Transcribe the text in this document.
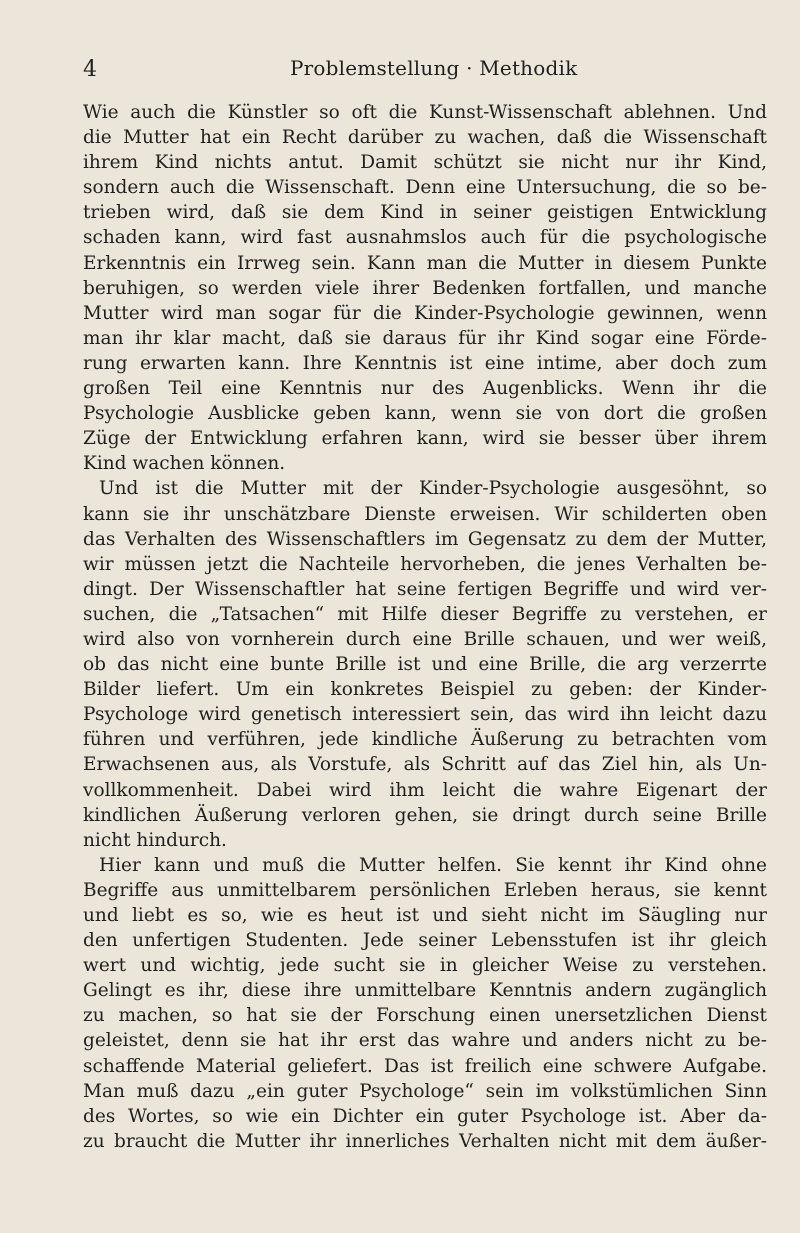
4	Problemstellung · Methodik
Wie auch die Künstler so oft die Kunst-Wissenschaft ablehnen. Und
die Mutter hat ein Recht darüber zu wachen, daß die Wissenschaft
ihrem Kind nichts antut. Damit schützt sie nicht nur ihr Kind,
sondern auch die Wissenschaft. Denn eine Untersuchung, die so be-
trieben wird, daß sie dem Kind in seiner geistigen Entwicklung
schaden kann, wird fast ausnahmslos auch für die psychologische
Erkenntnis ein Irrweg sein. Kann man die Mutter in diesem Punkte
beruhigen, so werden viele ihrer Bedenken fortfallen, und manche
Mutter wird man sogar für die Kinder-Psychologie gewinnen, wenn
man ihr klar macht, daß sie daraus für ihr Kind sogar eine Förde-
rung erwarten kann. Ihre Kenntnis ist eine intime, aber doch zum
großen Teil eine Kenntnis nur des Augenblicks. Wenn ihr die
Psychologie Ausblicke geben kann, wenn sie von dort die großen
Züge der Entwicklung erfahren kann, wird sie besser über ihrem
Kind wachen können.
Und ist die Mutter mit der Kinder-Psychologie ausgesöhnt, so
kann sie ihr unschätzbare Dienste erweisen. Wir schilderten oben
das Verhalten des Wissenschaftlers im Gegensatz zu dem der Mutter,
wir müssen jetzt die Nachteile hervorheben, die jenes Verhalten be-
dingt. Der Wissenschaftler hat seine fertigen Begriffe und wird ver-
suchen, die „Tatsachen“ mit Hilfe dieser Begriffe zu verstehen, er
wird also von vornherein durch eine Brille schauen, und wer weiß,
ob das nicht eine bunte Brille ist und eine Brille, die arg verzerrte
Bilder liefert. Um ein konkretes Beispiel zu geben: der Kinder-
Psychologe wird genetisch interessiert sein, das wird ihn leicht dazu
führen und verführen, jede kindliche Äußerung zu betrachten vom
Erwachsenen aus, als Vorstufe, als Schritt auf das Ziel hin, als Un-
vollkommenheit. Dabei wird ihm leicht die wahre Eigenart der
kindlichen Äußerung verloren gehen, sie dringt durch seine Brille
nicht hindurch.
Hier kann und muß die Mutter helfen. Sie kennt ihr Kind ohne
Begriffe aus unmittelbarem persönlichen Erleben heraus, sie kennt
und liebt es so, wie es heut ist und sieht nicht im Säugling nur
den unfertigen Studenten. Jede seiner Lebensstufen ist ihr gleich
wert und wichtig, jede sucht sie in gleicher Weise zu verstehen.
Gelingt es ihr, diese ihre unmittelbare Kenntnis andern zugänglich
zu machen, so hat sie der Forschung einen unersetzlichen Dienst
geleistet, denn sie hat ihr erst das wahre und anders nicht zu be-
schaffende Material geliefert. Das ist freilich eine schwere Aufgabe.
Man muß dazu „ein guter Psychologe“ sein im volkstümlichen Sinn
des Wortes, so wie ein Dichter ein guter Psychologe ist. Aber da-
zu braucht die Mutter ihr innerliches Verhalten nicht mit dem äußer-
